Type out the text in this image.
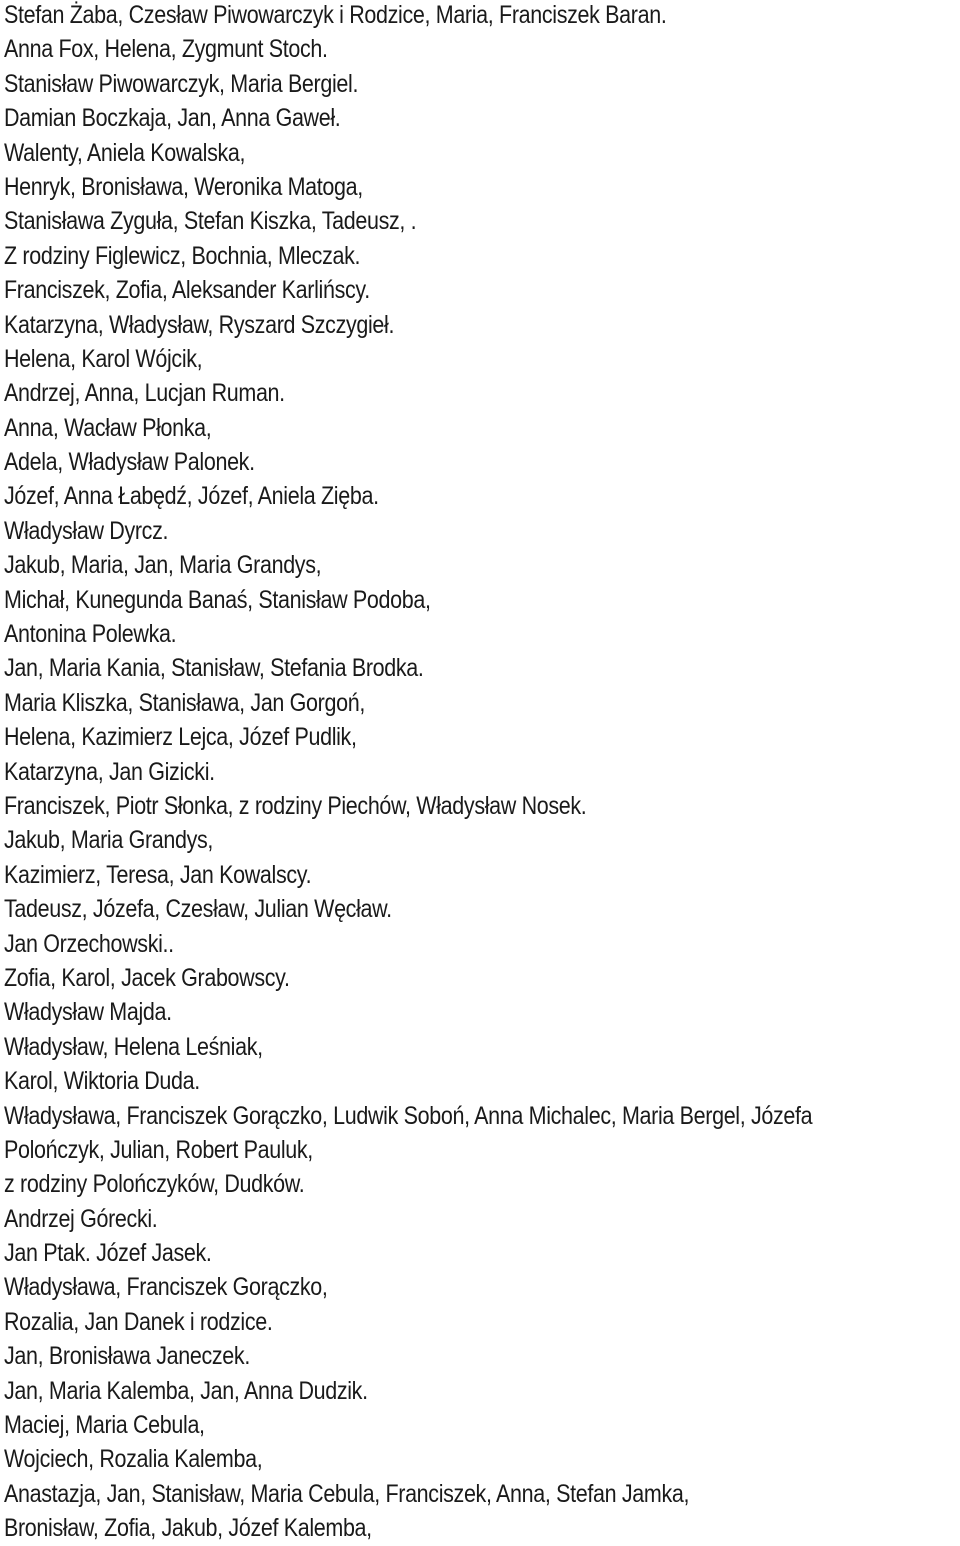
Stefan Żaba, Czesław Piwowarczyk i Rodzice, Maria, Franciszek Baran.
Anna Fox, Helena, Zygmunt Stoch.
Stanisław Piwowarczyk, Maria Bergiel.
Damian Boczkaja, Jan, Anna Gaweł.
Walenty, Aniela Kowalska,
Henryk, Bronisława, Weronika Matoga,
Stanisława Zyguła, Stefan Kiszka, Tadeusz, .
Z rodziny Figlewicz, Bochnia, Mleczak.
Franciszek, Zofia, Aleksander Karlińscy.
Katarzyna, Władysław, Ryszard Szczygieł.
Helena, Karol Wójcik,
Andrzej, Anna, Lucjan Ruman.
Anna, Wacław Płonka,
Adela, Władysław Palonek.
Józef, Anna Łabędź, Józef, Aniela Zięba.
Władysław Dyrcz.
Jakub, Maria, Jan, Maria Grandys,
Michał, Kunegunda Banaś, Stanisław Podoba,
Antonina Polewka.
Jan, Maria Kania, Stanisław, Stefania Brodka.
Maria Kliszka, Stanisława, Jan Gorgoń,
Helena, Kazimierz Lejca, Józef Pudlik,
Katarzyna, Jan Gizicki.
Franciszek, Piotr Słonka, z rodziny Piechów, Władysław Nosek.
Jakub, Maria Grandys,
Kazimierz, Teresa, Jan Kowalscy.
Tadeusz, Józefa, Czesław, Julian Węcław.
Jan Orzechowski..
Zofia, Karol, Jacek Grabowscy.
Władysław Majda.
Władysław, Helena Leśniak,
Karol, Wiktoria Duda.
Władysława, Franciszek Gorączko, Ludwik Soboń, Anna Michalec, Maria Bergel, Józefa
Polończyk, Julian, Robert Pauluk,
z rodziny Polończyków, Dudków.
Andrzej Górecki.
Jan Ptak. Józef Jasek.
Władysława, Franciszek Gorączko,
Rozalia, Jan Danek i rodzice.
Jan, Bronisława Janeczek.
Jan, Maria Kalemba, Jan, Anna Dudzik.
Maciej, Maria Cebula,
Wojciech, Rozalia Kalemba,
Anastazja, Jan, Stanisław, Maria Cebula, Franciszek, Anna, Stefan Jamka,
Bronisław, Zofia, Jakub, Józef Kalemba,
